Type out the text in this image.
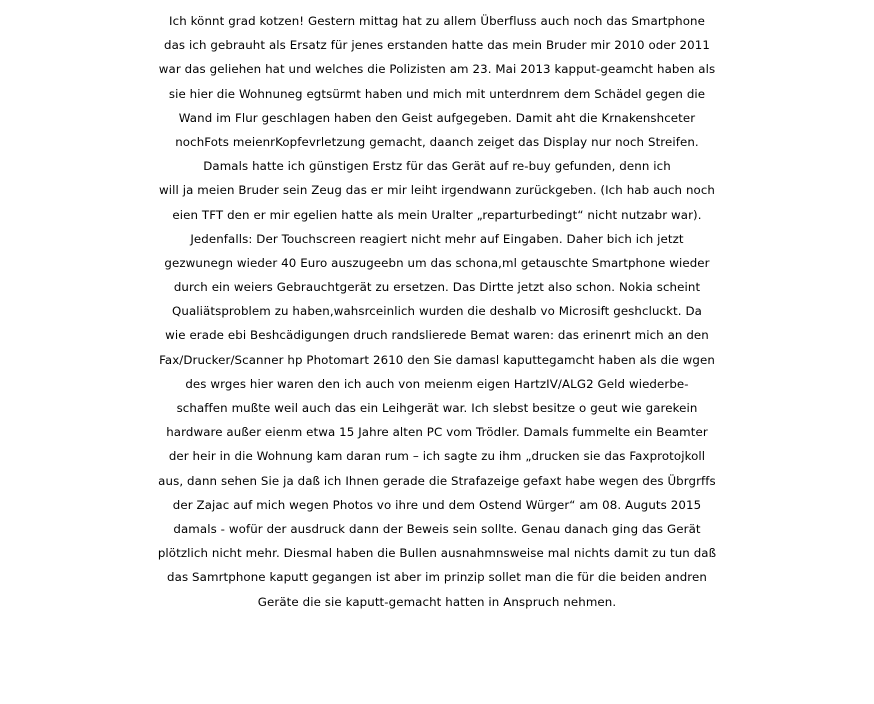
Ich könnt grad kotzen! Gestern mittag hat zu allem Überfluss auch noch das Smartphone
das ich gebrauht als Ersatz für jenes erstanden hatte das mein Bruder mir 2010 oder 2011
war das geliehen hat und welches die Polizisten am 23. Mai 2013 kapput-geamcht haben als
sie hier die Wohnuneg egtsürmt haben und mich mit unterdnrem dem Schädel gegen die
Wand im Flur geschlagen haben den Geist aufgegeben. Damit aht die Krnakenshceter
nochFots meienrKopfevrletzung gemacht, daanch zeiget das Display nur noch Streifen.
Damals hatte ich günstigen Erstz für das Gerät auf re-buy gefunden, denn ich
will ja meien Bruder sein Zeug das er mir leiht irgendwann zurückgeben. (Ich hab auch noch
eien TFT den er mir egelien hatte als mein Uralter „reparturbedingt“ nicht nutzabr war).
Jedenfalls: Der Touchscreen reagiert nicht mehr auf Eingaben. Daher bich ich jetzt
gezwunegn wieder 40 Euro auszugeebn um das schona,ml getauschte Smartphone wieder
durch ein weiers Gebrauchtgerät zu ersetzen. Das Dirtte jetzt also schon. Nokia scheint
Qualiätsproblem zu haben,wahsrceinlich wurden die deshalb vo Microsift geshcluckt. Da
wie erade ebi Beshcädigungen druch randslierede Bemat waren: das erinenrt mich an den
Fax/Drucker/Scanner hp Photomart 2610 den Sie damasl kaputtegamcht haben als die wgen
des wrges hier waren den ich auch von meienm eigen HartzIV/ALG2 Geld wiederbe-
schaffen mußte weil auch das ein Leihgerät war. Ich slebst besitze o geut wie garekein
hardware außer eienm etwa 15 Jahre alten PC vom Trödler. Damals fummelte ein Beamter
der heir in die Wohnung kam daran rum – ich sagte zu ihm „drucken sie das Faxprotojkoll
aus, dann sehen Sie ja daß ich Ihnen gerade die Strafazeige gefaxt habe wegen des Übrgrffs
der Zajac auf mich wegen Photos vo ihre und dem Ostend Würger“ am 08. Auguts 2015
damals - wofür der ausdruck dann der Beweis sein sollte. Genau danach ging das Gerät
plötzlich nicht mehr. Diesmal haben die Bullen ausnahmnsweise mal nichts damit zu tun daß
das Samrtphone kaputt gegangen ist aber im prinzip sollet man die für die beiden andren
Geräte die sie kaputt-gemacht hatten in Anspruch nehmen.
